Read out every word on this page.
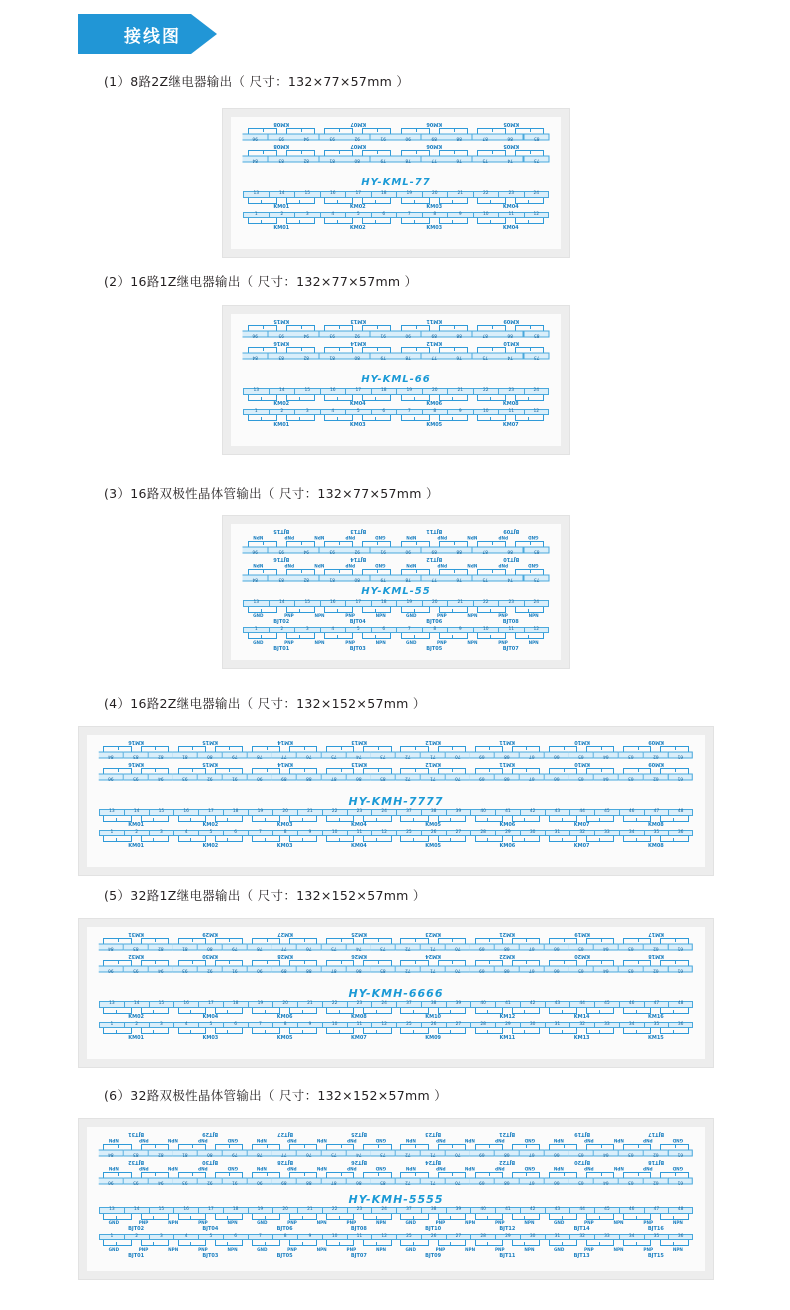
接线图
(1）8路2Z继电器输出（ 尺寸：132×77×57mm ）
(2）16路1Z继电器输出（ 尺寸：132×77×57mm ）
(3）16路双极性晶体管输出（ 尺寸：132×77×57mm ）
(4）16路2Z继电器输出（ 尺寸：132×152×57mm ）
(5）32路1Z继电器输出（ 尺寸：132×152×57mm ）
(6）32路双极性晶体管输出（ 尺寸：132×152×57mm ）
KM08	KM07	KM06	KM05
96	95	94	93	92	91	90	89	88	87	86	85
KM08	KM07	KM06	KM05
84	83	82	81	80	79	78	77	76	75	74	73
HY-KML-77
13	14	15	16	17	18	19	20	21	22	23	24
KM01	KM02	KM03	KM04
1	2	3	4	5	6	7	8	9	10	11	12
KM01	KM02	KM03	KM04
KM15	KM13	KM11	KM09
96	95	94	93	92	91	90	89	88	87	86	85
KM16	KM14	KM12	KM10
84	83	82	81	80	79	78	77	76	75	74	73
HY-KML-66
13	14	15	16	17	18	19	20	21	22	23	24
KM02	KM04	KM06	KM08
1	2	3	4	5	6	7	8	9	10	11	12
KM01	KM03	KM05	KM07
BJT15	BJT13	BJT11	BJT09
NPN	PNP	NPN	PNP	GND	NPN	PNP	NPN	PNP	GND
96	95	94	93	92	91	90	89	88	87	86	85
BJT16	BJT14	BJT12	BJT10
NPN	PNP	NPN	PNP	GND	NPN	PNP	NPN	PNP	GND
84	83	82	81	80	79	78	77	76	75	74	73
HY-KML-55
13	14	15	16	17	18	19	20	21	22	23	24
GND	PNP	NPN	PNP	NPN	GND	PNP	NPN	PNP	NPN
BJT02	BJT04	BJT06	BJT08
1	2	3	4	5	6	7	8	9	10	11	12
GND	PNP	NPN	PNP	NPN	GND	PNP	NPN	PNP	NPN
BJT01	BJT03	BJT05	BJT07
KM16	KM15	KM14	KM13	KM12	KM11	KM10	KM09
84	83	82	81	80	79	78	77	76	75	74	73	72	71	70	69	68	67	66	65	64	63	62	61
KM16	KM15	KM14	KM13	KM12	KM11	KM10	KM09
96	95	94	93	92	91	90	89	88	87	86	85	72	71	70	69	68	67	66	65	64	63	62	61
HY-KMH-7777
13	14	15	16	17	18	19	20	21	22	23	24	37	38	39	40	41	42	43	44	45	46	47	48
KM01	KM02	KM03	KM04	KM05	KM06	KM07	KM08
1	2	3	4	5	6	7	8	9	10	11	12	25	26	27	28	29	30	31	32	33	34	35	36
KM01	KM02	KM03	KM04	KM05	KM06	KM07	KM08
KM31	KM29	KM27	KM25	KM23	KM21	KM19	KM17
84	83	82	81	80	79	78	77	76	75	74	73	72	71	70	69	68	67	66	65	64	63	62	61
KM32	KM30	KM28	KM26	KM24	KM22	KM20	KM18
96	95	94	93	92	91	90	89	88	87	86	85	72	71	70	69	68	67	66	65	64	63	62	61
HY-KMH-6666
13	14	15	16	17	18	19	20	21	22	23	24	37	38	39	40	41	42	43	44	45	46	47	48
KM02	KM04	KM06	KM08	KM10	KM12	KM14	KM16
1	2	3	4	5	6	7	8	9	10	11	12	25	26	27	28	29	30	31	32	33	34	35	36
KM01	KM03	KM05	KM07	KM09	KM11	KM13	KM15
BJT31	BJT29	BJT27	BJT25	BJT23	BJT21	BJT19	BJT17
NPN	PNP	NPN	PNP	GND	NPN	PNP	NPN	PNP	GND	NPN	PNP	NPN	PNP	GND	NPN	PNP	NPN	PNP	GND
84	83	82	81	80	79	78	77	76	75	74	73	72	71	70	69	68	67	66	65	64	63	62	61
BJT32	BJT30	BJT28	BJT26	BJT24	BJT22	BJT20	BJT18
NPN	PNP	NPN	PNP	GND	NPN	PNP	NPN	PNP	GND	NPN	PNP	NPN	PNP	GND	NPN	PNP	NPN	PNP	GND
96	95	94	93	92	91	90	89	88	87	86	85	72	71	70	69	68	67	66	65	64	63	62	61
HY-KMH-5555
13	14	15	16	17	18	19	20	21	22	23	24	37	38	39	40	41	42	43	44	45	46	47	48
GND	PNP	NPN	PNP	NPN	GND	PNP	NPN	PNP	NPN	GND	PNP	NPN	PNP	NPN	GND	PNP	NPN	PNP	NPN
BJT02	BJT04	BJT06	BJT08	BJT10	BJT12	BJT14	BJT16
1	2	3	4	5	6	7	8	9	10	11	12	25	26	27	28	29	30	31	32	33	34	35	36
GND	PNP	NPN	PNP	NPN	GND	PNP	NPN	PNP	NPN	GND	PNP	NPN	PNP	NPN	GND	PNP	NPN	PNP	NPN
BJT01	BJT03	BJT05	BJT07	BJT09	BJT11	BJT13	BJT15
